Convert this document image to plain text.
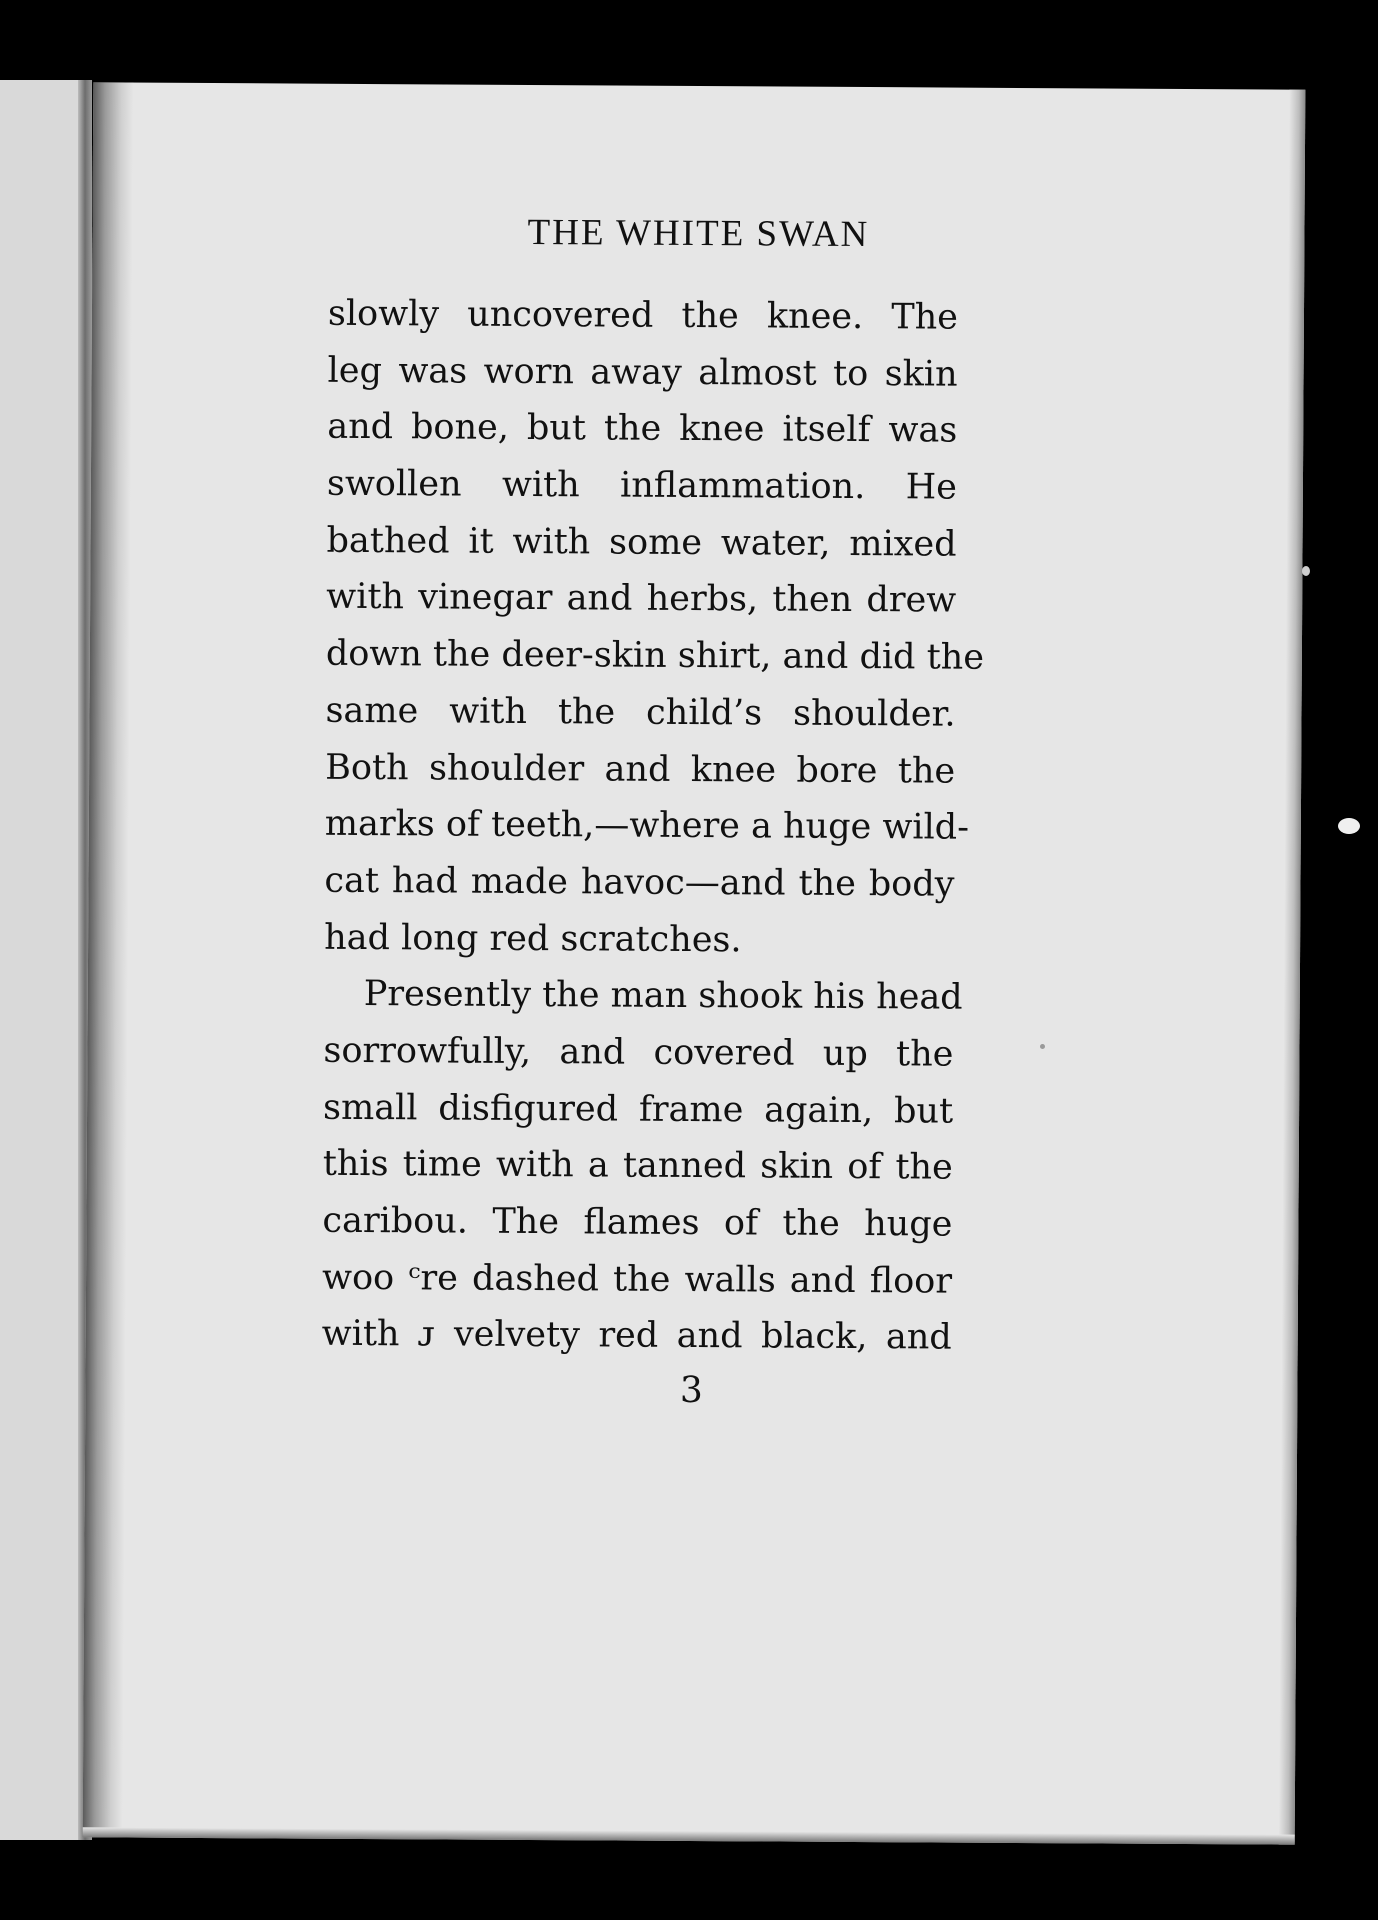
THE WHITE SWAN
slowly uncovered the knee. The
leg was worn away almost to skin
and bone, but the knee itself was
swollen with inflammation. He
bathed it with some water, mixed
with vinegar and herbs, then drew
down the deer-skin shirt, and did the
same with the child’s shoulder.
Both shoulder and knee bore the
marks of teeth,—where a huge wild-
cat had made havoc—and the body
had long red scratches.
Presently the man shook his head
sorrowfully, and covered up the
small disfigured frame again, but
this time with a tanned skin of the
caribou. The flames of the huge
woo ᶜre dashed the walls and floor
with ᴊ velvety red and black, and
3
